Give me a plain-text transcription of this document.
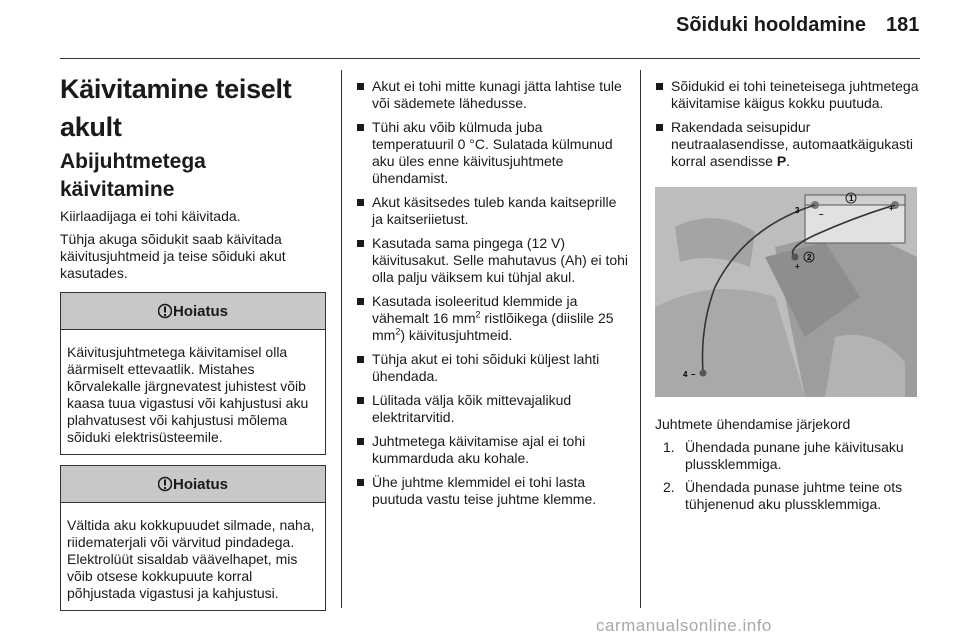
Sõiduki hooldamine 181
Käivitamine teiselt akult
Abijuhtmetega käivitamine

Kiirlaadijaga ei tohi käivitada.

Tühja akuga sõidukit saab käivitada käivitusjuhtmeid ja teise sõiduki akut kasutades.

Hoiatus
Käivitusjuhtmetega käivitamisel olla äärmiselt ettevaatlik. Mistahes kõrvalekalle järgnevatest juhistest võib kaasa tuua vigastusi või kahjustusi aku plahvatusest või kahjustusi mõlema sõiduki elektrisüsteemile.
Hoiatus
Vältida aku kokkupuudet silmade, naha, riidematerjali või värvitud pindadega. Elektrolüüt sisaldab väävelhapet, mis võib otsese kokkupuute korral põhjustada vigastusi ja kahjustusi.
Akut ei tohi mitte kunagi jätta lahtise tule või sädemete lähedusse.
Tühi aku võib külmuda juba temperatuuril 0 °C. Sulatada külmunud aku üles enne käivitusjuhtmete ühendamist.
Akut käsitsedes tuleb kanda kaitseprille ja kaitseriietust.
Kasutada sama pingega (12 V) käivitusakut. Selle mahutavus (Ah) ei tohi olla palju väiksem kui tühjal akul.
Kasutada isoleeritud klemmide ja vähemalt 16 $mm^2$ ristlõikega (diislile 25 $mm^2$) käivitusjuhtmeid.
Tühja akut ei tohi sõiduki küljest lahti ühendada.
Lülitada välja kõik mittevajalikud elektritarvitid.
Juhtmetega käivitamise ajal ei tohi kummarduda aku kohale.
Ühe juhtme klemmidel ei tohi lasta puutuda vastu teise juhtme klemme.
Sõidukid ei tohi teineteisega juhtmetega käivitamise käigus kokku puutuda.
Rakendada seisupidur neutraalasendisse, automaatkäigukasti korral asendisse P.
1
+
2
+
3 –
4 –

Juhtmete ühendamise järjekord

1. Ühendada punane juhe käivitusaku plussklemmiga.
2. Ühendada punase juhtme teine ots tühjenenud aku plussklemmiga.
carmanualsonline.info
